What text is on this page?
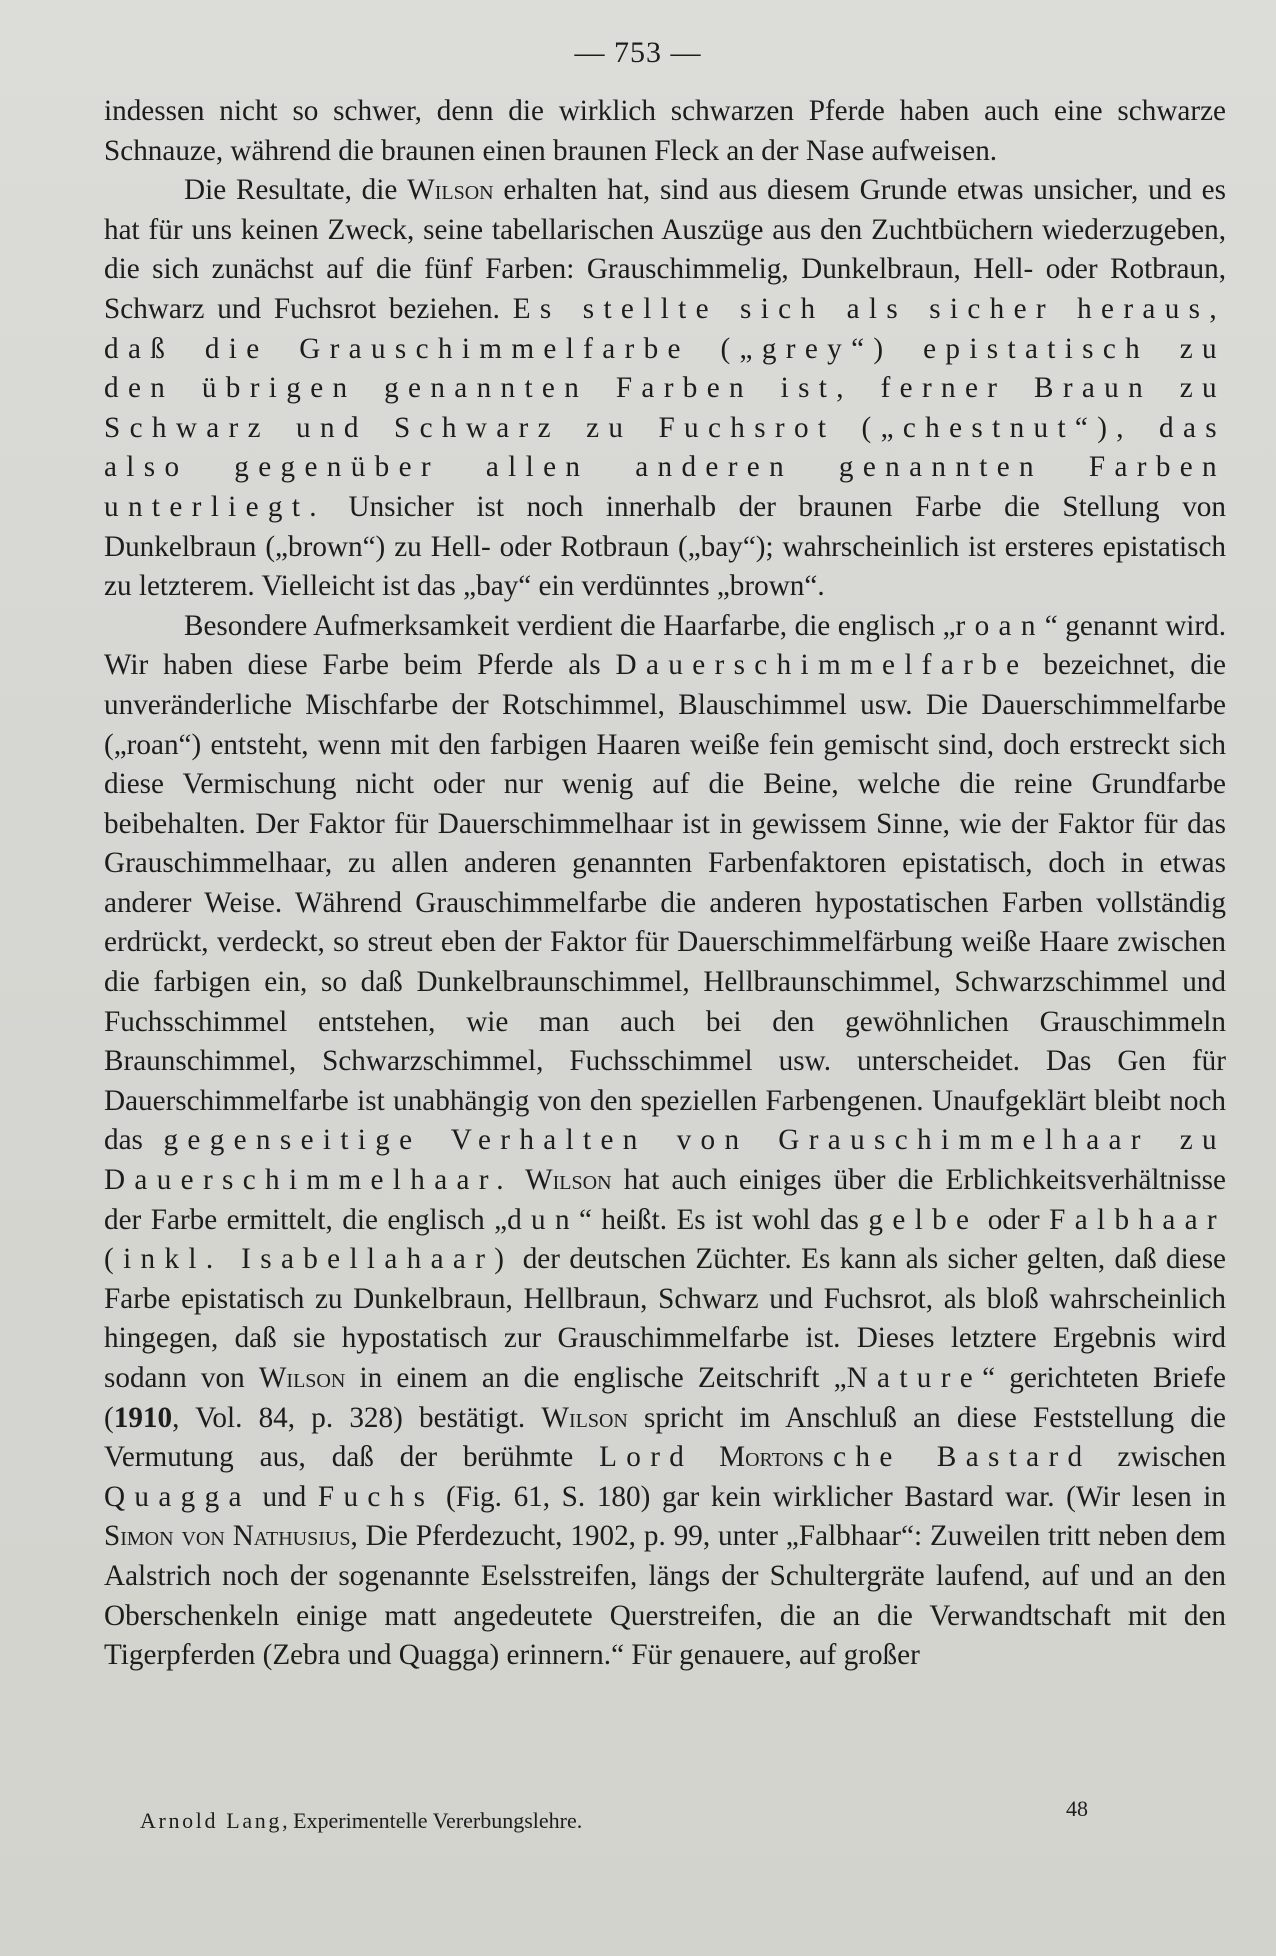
— 753 —

indessen nicht so schwer, denn die wirklich schwarzen Pferde haben auch eine schwarze Schnauze, während die braunen einen braunen Fleck an der Nase aufweisen.

Die Resultate, die Wilson erhalten hat, sind aus diesem Grunde etwas unsicher, und es hat für uns keinen Zweck, seine tabellarischen Auszüge aus den Zuchtbüchern wiederzugeben, die sich zunächst auf die fünf Farben: Grauschimmelig, Dunkelbraun, Hell- oder Rotbraun, Schwarz und Fuchsrot beziehen. Es stellte sich als sicher heraus, daß die Grauschimmelfarbe („grey“) epistatisch zu den übrigen genannten Farben ist, ferner Braun zu Schwarz und Schwarz zu Fuchsrot („chestnut“), das also gegenüber allen anderen genannten Farben unterliegt. Unsicher ist noch innerhalb der braunen Farbe die Stellung von Dunkelbraun („brown“) zu Hell- oder Rotbraun („bay“); wahrscheinlich ist ersteres epistatisch zu letzterem. Vielleicht ist das „bay“ ein verdünntes „brown“.

Besondere Aufmerksamkeit verdient die Haarfarbe, die englisch „roan“ genannt wird. Wir haben diese Farbe beim Pferde als Dauerschimmelfarbe bezeichnet, die unveränderliche Mischfarbe der Rotschimmel, Blauschimmel usw. Die Dauerschimmelfarbe („roan“) entsteht, wenn mit den farbigen Haaren weiße fein gemischt sind, doch erstreckt sich diese Vermischung nicht oder nur wenig auf die Beine, welche die reine Grundfarbe beibehalten. Der Faktor für Dauerschimmelhaar ist in gewissem Sinne, wie der Faktor für das Grauschimmelhaar, zu allen anderen genannten Farbenfaktoren epistatisch, doch in etwas anderer Weise. Während Grauschimmelfarbe die anderen hypostatischen Farben vollständig erdrückt, verdeckt, so streut eben der Faktor für Dauerschimmelfärbung weiße Haare zwischen die farbigen ein, so daß Dunkelbraunschimmel, Hellbraunschimmel, Schwarzschimmel und Fuchsschimmel entstehen, wie man auch bei den gewöhnlichen Grauschimmeln Braunschimmel, Schwarzschimmel, Fuchsschimmel usw. unterscheidet. Das Gen für Dauerschimmelfarbe ist unabhängig von den speziellen Farbengenen. Unaufgeklärt bleibt noch das gegenseitige Verhalten von Grauschimmelhaar zu Dauerschimmelhaar. Wilson hat auch einiges über die Erblichkeitsverhältnisse der Farbe ermittelt, die englisch „dun“ heißt. Es ist wohl das gelbe oder Falbhaar (inkl. Isabellahaar) der deutschen Züchter. Es kann als sicher gelten, daß diese Farbe epistatisch zu Dunkelbraun, Hellbraun, Schwarz und Fuchsrot, als bloß wahrscheinlich hingegen, daß sie hypostatisch zur Grauschimmelfarbe ist. Dieses letztere Ergebnis wird sodann von Wilson in einem an die englische Zeitschrift „Nature“ gerichteten Briefe (1910, Vol. 84, p. 328) bestätigt. Wilson spricht im Anschluß an diese Feststellung die Vermutung aus, daß der berühmte Lord Mortonsche Bastard zwischen Quagga und Fuchs (Fig. 61, S. 180) gar kein wirklicher Bastard war. (Wir lesen in Simon von Nathusius, Die Pferdezucht, 1902, p. 99, unter „Falbhaar“: Zuweilen tritt neben dem Aalstrich noch der sogenannte Eselsstreifen, längs der Schultergräte laufend, auf und an den Oberschenkeln einige matt angedeutete Querstreifen, die an die Verwandtschaft mit den Tigerpferden (Zebra und Quagga) erinnern.“ Für genauere, auf großer

Arnold Lang, Experimentelle Vererbungslehre.	48
